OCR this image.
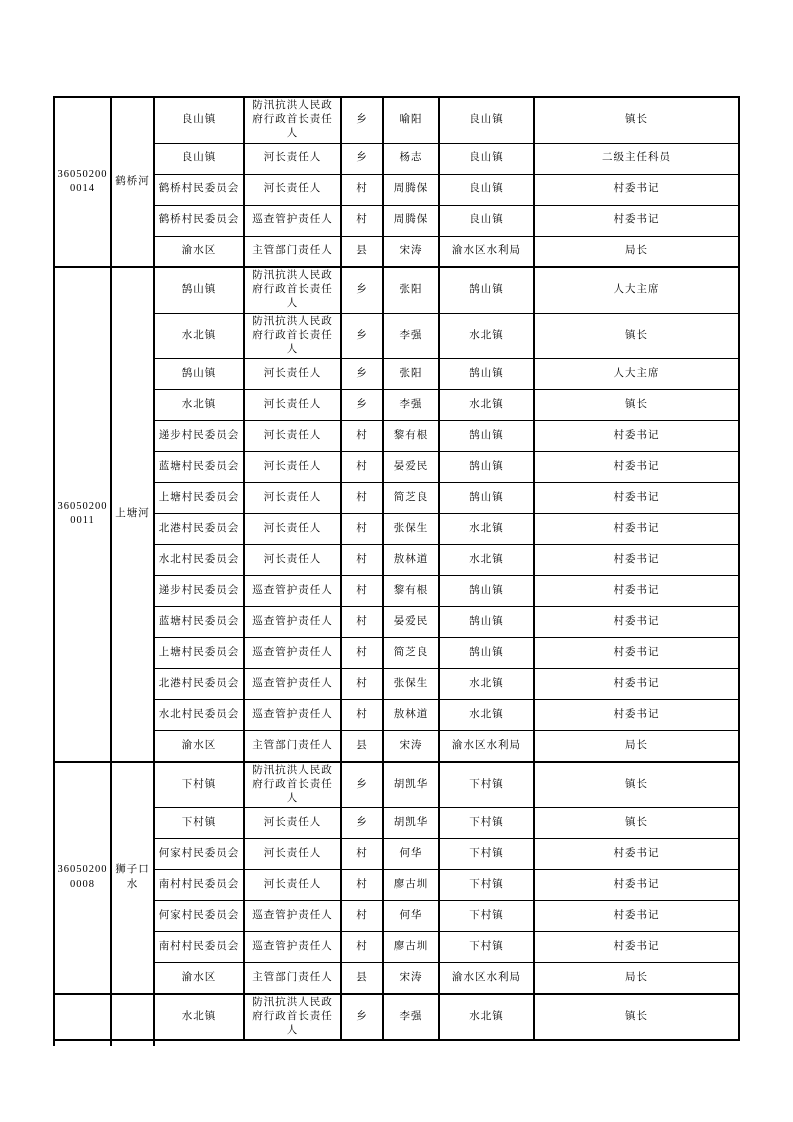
360502000014	鹤桥河	良山镇	防汛抗洪人民政府行政首长责任人	乡	喻阳	良山镇	镇长
		良山镇	河长责任人	乡	杨志	良山镇	二级主任科员
		鹤桥村民委员会	河长责任人	村	周腾保	良山镇	村委书记
		鹤桥村民委员会	巡查管护责任人	村	周腾保	良山镇	村委书记
		渝水区	主管部门责任人	县	宋涛	渝水区水利局	局长
360502000011	上塘河	鹄山镇	防汛抗洪人民政府行政首长责任人	乡	张阳	鹄山镇	人大主席
		水北镇	防汛抗洪人民政府行政首长责任人	乡	李强	水北镇	镇长
		鹄山镇	河长责任人	乡	张阳	鹄山镇	人大主席
		水北镇	河长责任人	乡	李强	水北镇	镇长
		递步村民委员会	河长责任人	村	黎有根	鹄山镇	村委书记
		蓝塘村民委员会	河长责任人	村	晏爱民	鹄山镇	村委书记
		上塘村民委员会	河长责任人	村	简芝良	鹄山镇	村委书记
		北港村民委员会	河长责任人	村	张保生	水北镇	村委书记
		水北村民委员会	河长责任人	村	敖林道	水北镇	村委书记
		递步村民委员会	巡查管护责任人	村	黎有根	鹄山镇	村委书记
		蓝塘村民委员会	巡查管护责任人	村	晏爱民	鹄山镇	村委书记
		上塘村民委员会	巡查管护责任人	村	简芝良	鹄山镇	村委书记
		北港村民委员会	巡查管护责任人	村	张保生	水北镇	村委书记
		水北村民委员会	巡查管护责任人	村	敖林道	水北镇	村委书记
		渝水区	主管部门责任人	县	宋涛	渝水区水利局	局长
360502000008	狮子口水	下村镇	防汛抗洪人民政府行政首长责任人	乡	胡凯华	下村镇	镇长
		下村镇	河长责任人	乡	胡凯华	下村镇	镇长
		何家村民委员会	河长责任人	村	何华	下村镇	村委书记
		南村村民委员会	河长责任人	村	廖古圳	下村镇	村委书记
		何家村民委员会	巡查管护责任人	村	何华	下村镇	村委书记
		南村村民委员会	巡查管护责任人	村	廖古圳	下村镇	村委书记
		渝水区	主管部门责任人	县	宋涛	渝水区水利局	局长
		水北镇	防汛抗洪人民政府行政首长责任人	乡	李强	水北镇	镇长
